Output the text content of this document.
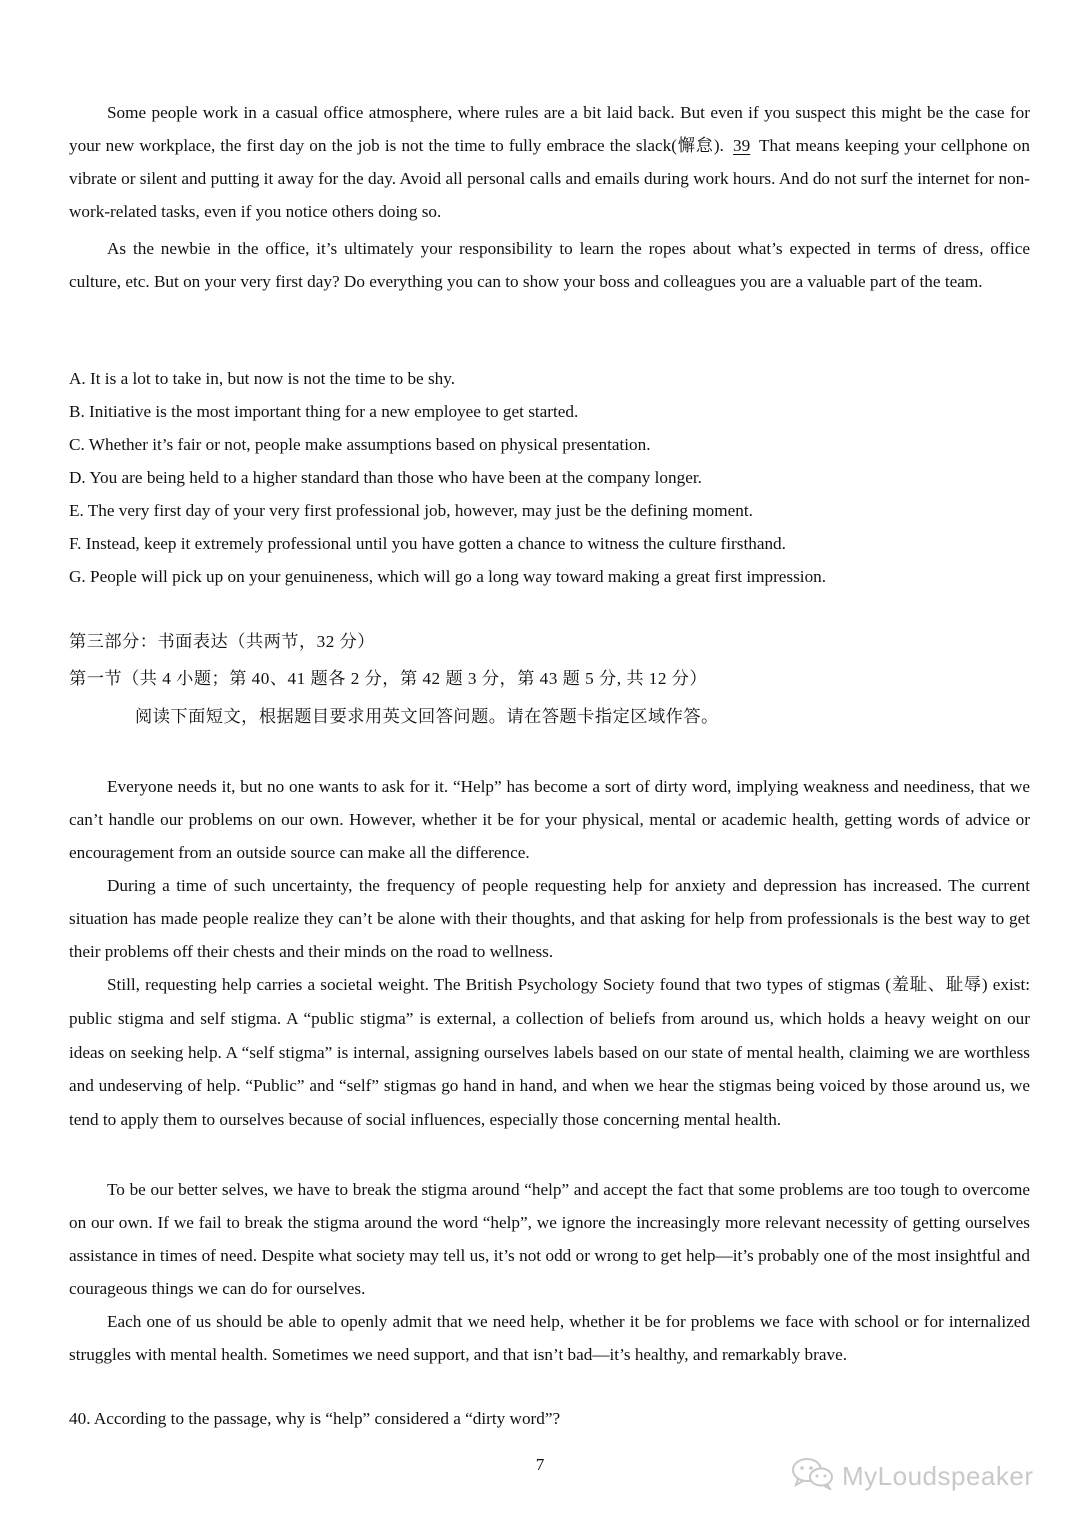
Some people work in a casual office atmosphere, where rules are a bit laid back. But even if you suspect this might be the case for your new workplace, the first day on the job is not the time to fully embrace the slack(懈怠). 39 That means keeping your cellphone on vibrate or silent and putting it away for the day. Avoid all personal calls and emails during work hours. And do not surf the internet for non-work-related tasks, even if you notice others doing so.

As the newbie in the office, it’s ultimately your responsibility to learn the ropes about what’s expected in terms of dress, office culture, etc. But on your very first day? Do everything you can to show your boss and colleagues you are a valuable part of the team.

A. It is a lot to take in, but now is not the time to be shy.

B. Initiative is the most important thing for a new employee to get started.

C. Whether it’s fair or not, people make assumptions based on physical presentation.

D. You are being held to a higher standard than those who have been at the company longer.

E. The very first day of your very first professional job, however, may just be the defining moment.

F. Instead, keep it extremely professional until you have gotten a chance to witness the culture firsthand.

G. People will pick up on your genuineness, which will go a long way toward making a great first impression.

第三部分：书面表达（共两节，32 分）

第一节（共 4 小题；第 40、41 题各 2 分，第 42 题 3 分，第 43 题 5 分, 共 12 分）

阅读下面短文，根据题目要求用英文回答问题。请在答题卡指定区域作答。

Everyone needs it, but no one wants to ask for it. “Help” has become a sort of dirty word, implying weakness and neediness, that we can’t handle our problems on our own. However, whether it be for your physical, mental or academic health, getting words of advice or encouragement from an outside source can make all the difference.

During a time of such uncertainty, the frequency of people requesting help for anxiety and depression has increased. The current situation has made people realize they can’t be alone with their thoughts, and that asking for help from professionals is the best way to get their problems off their chests and their minds on the road to wellness.

Still, requesting help carries a societal weight. The British Psychology Society found that two types of stigmas (羞耻、耻辱) exist: public stigma and self stigma. A “public stigma” is external, a collection of beliefs from around us, which holds a heavy weight on our ideas on seeking help. A “self stigma” is internal, assigning ourselves labels based on our state of mental health, claiming we are worthless and undeserving of help. “Public” and “self” stigmas go hand in hand, and when we hear the stigmas being voiced by those around us, we tend to apply them to ourselves because of social influences, especially those concerning mental health.

To be our better selves, we have to break the stigma around “help” and accept the fact that some problems are too tough to overcome on our own. If we fail to break the stigma around the word “help”, we ignore the increasingly more relevant necessity of getting ourselves assistance in times of need. Despite what society may tell us, it’s not odd or wrong to get help—it’s probably one of the most insightful and courageous things we can do for ourselves.

Each one of us should be able to openly admit that we need help, whether it be for problems we face with school or for internalized struggles with mental health. Sometimes we need support, and that isn’t bad—it’s healthy, and remarkably brave.

40. According to the passage, why is “help” considered a “dirty word”?

7	MyLoudspeaker
